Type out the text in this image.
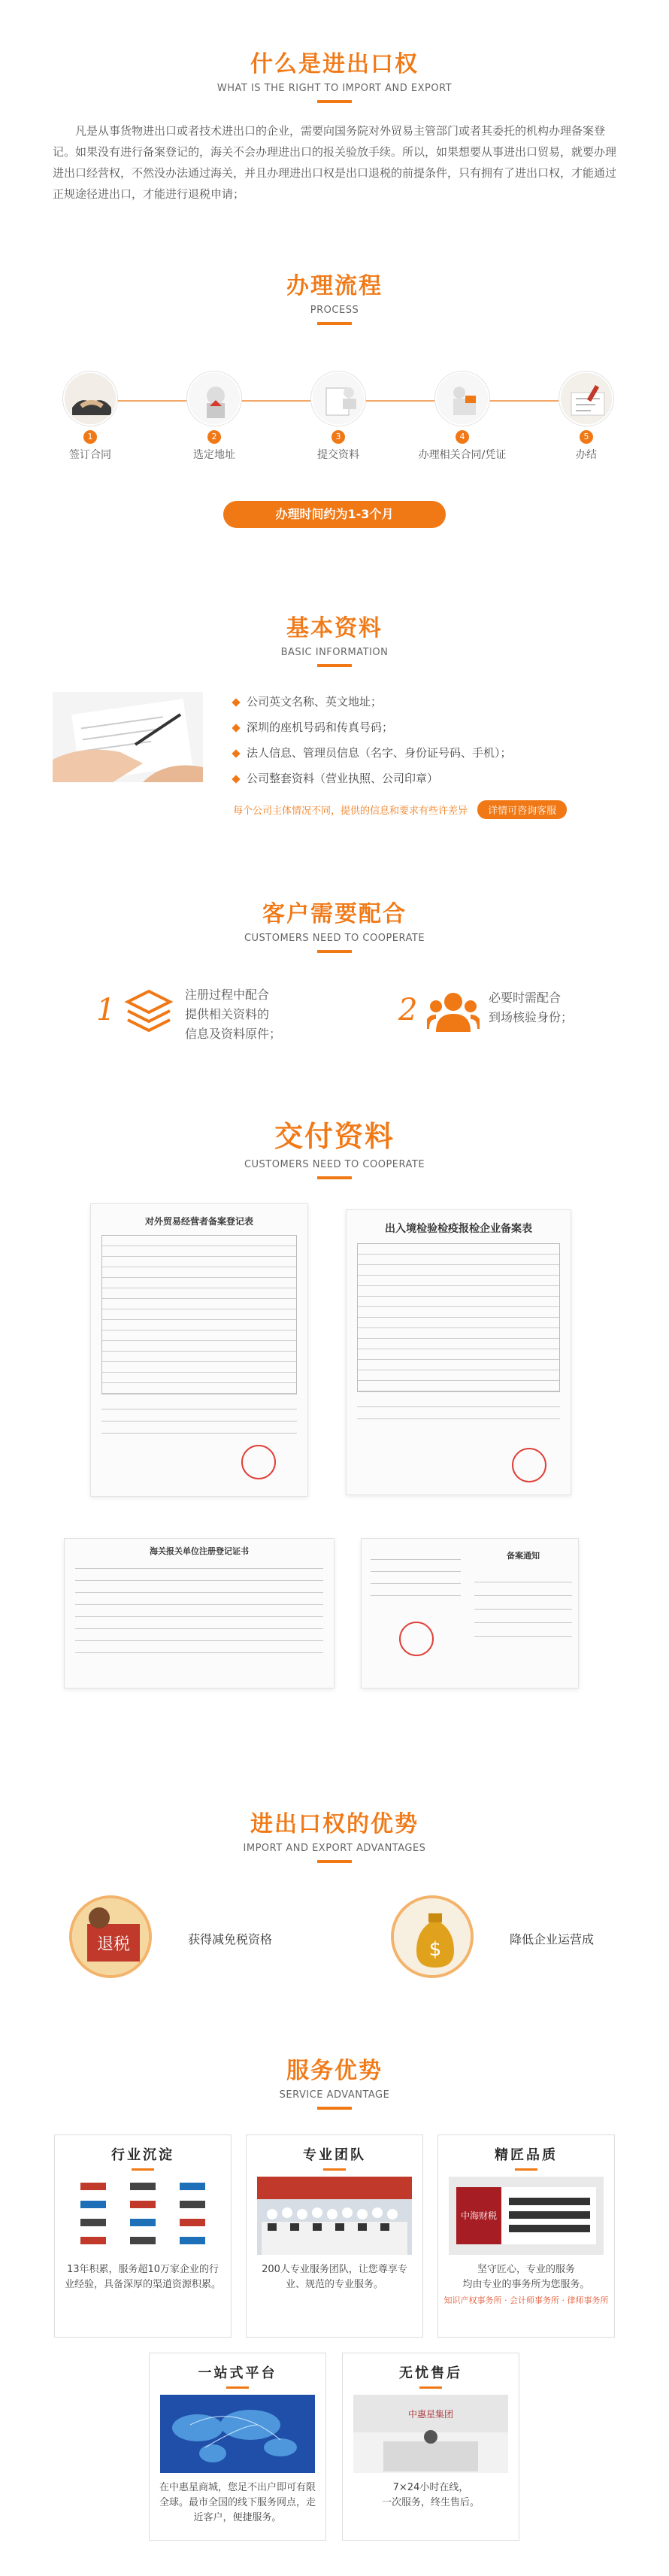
什么是进出口权
WHAT IS THE RIGHT TO IMPORT AND EXPORT

凡是从事货物进出口或者技术进出口的企业，需要向国务院对外贸易主管部门或者其委托的机构办理备案登记。如果没有进行备案登记的，海关不会办理进出口的报关验放手续。所以，如果想要从事进出口贸易，就要办理进出口经营权，不然没办法通过海关，并且办理进出口权是出口退税的前提条件，只有拥有了进出口权，才能通过正规途径进出口，才能进行退税申请；

办理流程
PROCESS
1
签订合同
2
选定地址
3
提交资料
4
办理相关合同/凭证
5
办结
办理时间约为1-3个月
基本资料
BASIC INFORMATION
公司英文名称、英文地址；
深圳的座机号码和传真号码；
法人信息、管理员信息（名字、身份证号码、手机）；
公司整套资料（营业执照、公司印章）
每个公司主体情况不同，提供的信息和要求有些许差异 详情可咨询客服
客户需要配合
CUSTOMERS NEED TO COOPERATE
1	注册过程中配合
提供相关资料的
信息及资料原件；
2	必要时需配合
到场核验身份；
交付资料
CUSTOMERS NEED TO COOPERATE
对外贸易经营者备案登记表
出入境检验检疫报检企业备案表
海关报关单位注册登记证书	备案通知
进出口权的优势
IMPORT AND EXPORT ADVANTAGES
退税	获得减免税资格	$	降低企业运营成
服务优势
SERVICE ADVANTAGE
行业沉淀
13年积累，服务超10万家企业的行业经验，具备深厚的渠道资源积累。
专业团队
200人专业服务团队，让您尊享专业、规范的专业服务。
精匠品质
中海财税
坚守匠心，专业的服务
均由专业的事务所为您服务。
知识产权事务所 · 会计师事务所 · 律师事务所
一站式平台
在中惠星商城，您足不出户即可有限全球。最市全国的线下服务网点，走近客户，便捷服务。
无忧售后
中惠星集团
7×24小时在线，
一次服务，终生售后。
